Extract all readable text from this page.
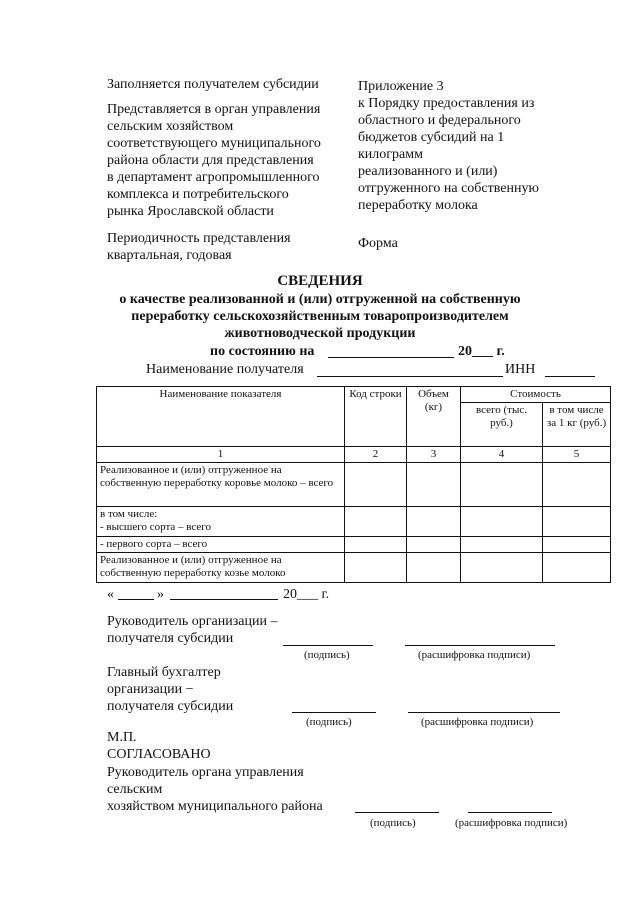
Заполняется получателем субсидии
Представляется в орган управления
сельским хозяйством
соответствующего муниципального
района области для представления
в департамент агропромышленного
комплекса и потребительского
рынка Ярославской области
Периодичность представления
квартальная, годовая
Приложение 3
к Порядку предоставления из
областного и федерального
бюджетов субсидий на 1
килограмм
реализованного и (или)
отгруженного на собственную
переработку молока
Форма
СВЕДЕНИЯ
о качестве реализованной и (или) отгруженной на собственную
переработку сельскохозяйственным товаропроизводителем
животноводческой продукции
по состоянию на	20___ г.
Наименование получателя	ИНН
Наименование показателя	Код строки	Объем (кг)	Стоимость	
			всего (тыс. руб.)	в том числе за 1 кг (руб.)
1	2	3	4	5
Реализованное и (или) отгруженное на собственную переработку коровье молоко – всего				
в том числе:
- высшего сорта – всего				
- первого сорта – всего				
Реализованное и (или) отгруженное на собственную переработку козье молоко				
«	»	20___ г.
Руководитель организации –
получателя субсидии
(подпись)	(расшифровка подписи)
Главный бухгалтер
организации −
получателя субсидии
(подпись)	(расшифровка подписи)
М.П.
СОГЛАСОВАНО
Руководитель органа управления
сельским
хозяйством муниципального района
(подпись)	(расшифровка подписи)
